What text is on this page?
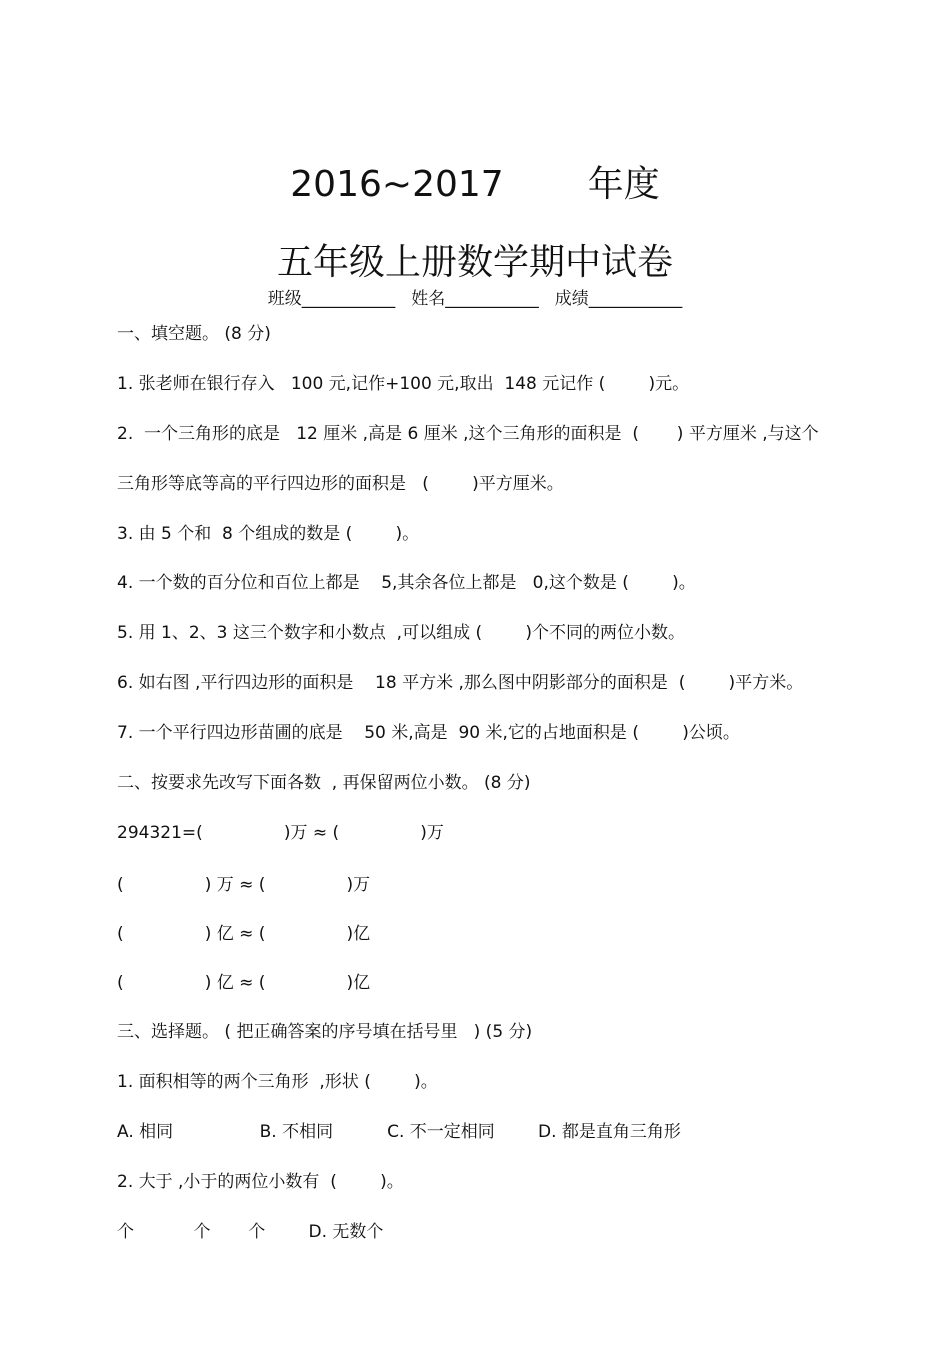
2016~2017 年度
五年级上册数学期中试卷
班级___________ 姓名___________ 成绩___________
一、填空题。 (8 分)
1. 张老师在银行存入   100 元,记作+100 元,取出  148 元记作 (        )元。
2.  一个三角形的底是   12 厘米 ,高是 6 厘米 ,这个三角形的面积是  (       ) 平方厘米 ,与这个
三角形等底等高的平行四边形的面积是   (        )平方厘米。
3. 由 5 个和  8 个组成的数是 (        )。
4. 一个数的百分位和百位上都是    5,其余各位上都是   0,这个数是 (        )。
5. 用 1、2、3 这三个数字和小数点  ,可以组成 (        )个不同的两位小数。
6. 如右图 ,平行四边形的面积是    18 平方米 ,那么图中阴影部分的面积是  (        )平方米。
7. 一个平行四边形苗圃的底是    50 米,高是  90 米,它的占地面积是 (        )公顷。
二、按要求先改写下面各数  , 再保留两位小数。 (8 分)
294321=(               )万 ≈ (               )万
(               ) 万 ≈ (               )万
(               ) 亿 ≈ (               )亿
(               ) 亿 ≈ (               )亿
三、选择题。 ( 把正确答案的序号填在括号里   ) (5 分)
1. 面积相等的两个三角形  ,形状 (        )。
A. 相同                B. 不相同          C. 不一定相同        D. 都是直角三角形
2. 大于 ,小于的两位小数有  (        )。
个           个       个        D. 无数个
